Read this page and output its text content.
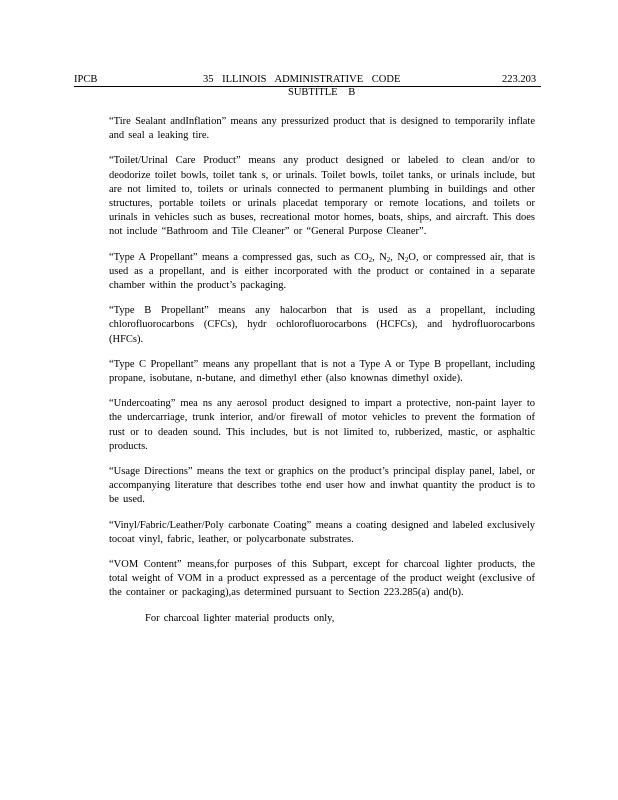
IPCB	35 ILLINOIS ADMINISTRATIVE CODE	223.203
SUBTITLE B

“Tire Sealant andInflation” means any pressurized product that is designed to temporarily inflate and seal a leaking tire.

“Toilet/Urinal Care Product” means any product designed or labeled to clean and/or to deodorize toilet bowls, toilet tank s, or urinals. Toilet bowls, toilet tanks, or urinals include, but are not limited to, toilets or urinals connected to permanent plumbing in buildings and other structures, portable toilets or urinals placedat temporary or remote locations, and toilets or urinals in vehicles such as buses, recreational motor homes, boats, ships, and aircraft. This does not include “Bathroom and Tile Cleaner” or “General Purpose Cleaner”.

“Type A Propellant” means a compressed gas, such as $CO_2$, $N_2$, $N_2O$, or compressed air, that is used as a propellant, and is either incorporated with the product or contained in a separate chamber within the product’s packaging.

“Type B Propellant” means any halocarbon that is used as a propellant, including chlorofluorocarbons (CFCs), hydr ochlorofluorocarbons (HCFCs), and hydrofluorocarbons (HFCs).

“Type C Propellant” means any propellant that is not a Type A or Type B propellant, including propane, isobutane, n-butane, and dimethyl ether (also knownas dimethyl oxide).

“Undercoating” mea ns any aerosol product designed to impart a protective, non-paint layer to the undercarriage, trunk interior, and/or firewall of motor vehicles to prevent the formation of rust or to deaden sound. This includes, but is not limited to, rubberized, mastic, or asphaltic products.

“Usage Directions” means the text or graphics on the product’s principal display panel, label, or accompanying literature that describes tothe end user how and inwhat quantity the product is to be used.

“Vinyl/Fabric/Leather/Poly carbonate Coating” means a coating designed and labeled exclusively tocoat vinyl, fabric, leather, or polycarbonate substrates.

“VOM Content” means,for purposes of this Subpart, except for charcoal lighter products, the total weight of VOM in a product expressed as a percentage of the product weight (exclusive of the container or packaging),as determined pursuant to Section 223.285(a) and(b).

For charcoal lighter material products only,
